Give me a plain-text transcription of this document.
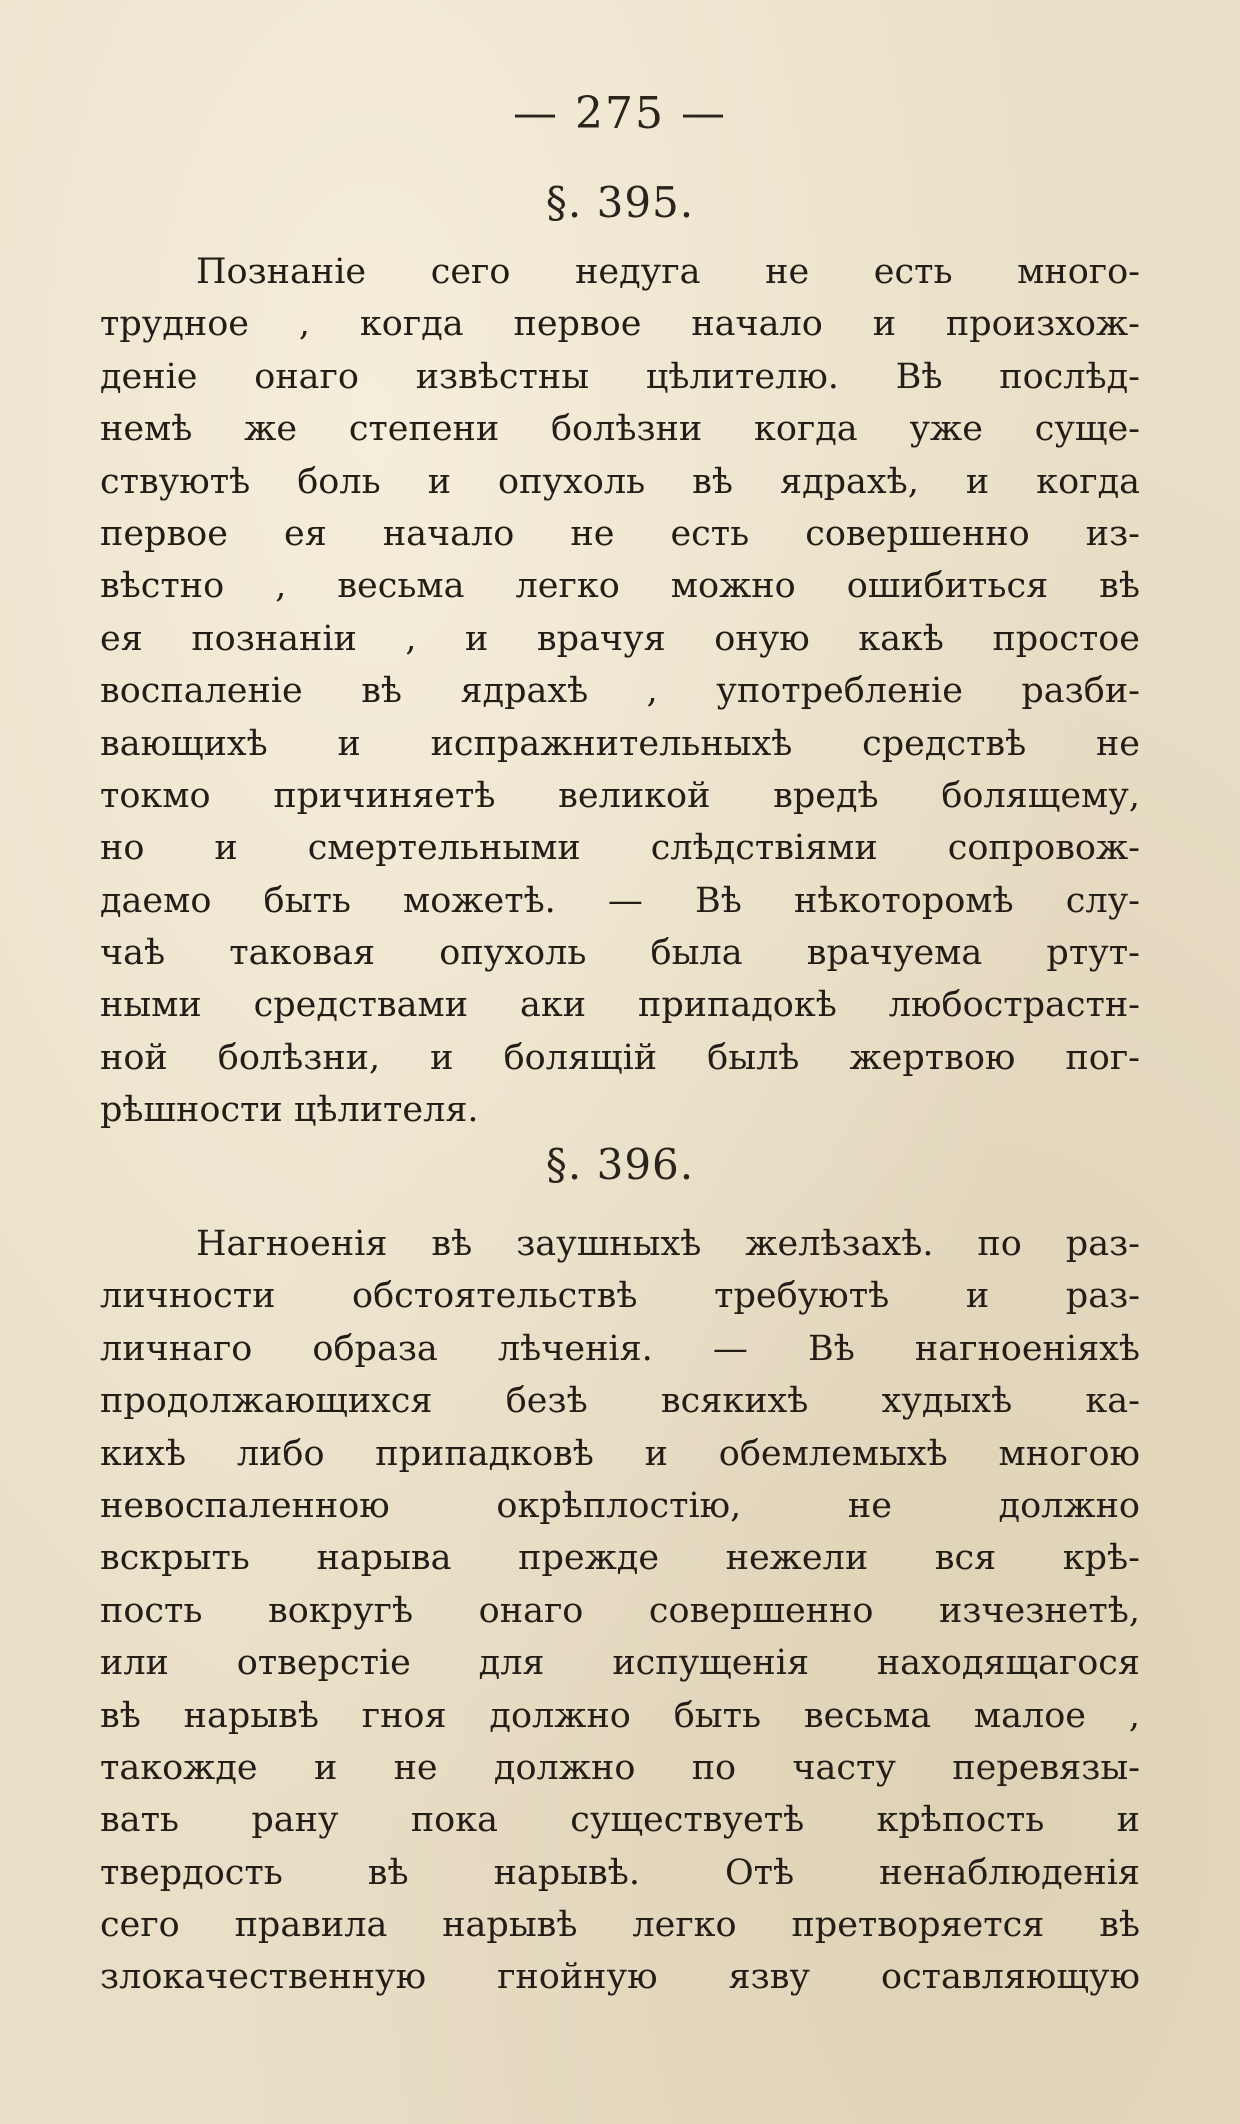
— 275 —
§. 395.
Познаніе сего недуга не есть много-
трудное , когда первое начало и произхож-
деніе онаго извѣстны цѣлителю. Вѣ послѣд-
немѣ же степени болѣзни когда уже суще-
ствуютѣ боль и опухоль вѣ ядрахѣ, и когда
первое ея начало не есть совершенно из-
вѣстно , весьма легко можно ошибиться вѣ
ея познаніи , и врачуя оную какѣ простое
воспаленіе вѣ ядрахѣ , употребленіе разби-
вающихѣ и испражнительныхѣ средствѣ не
токмо причиняетѣ великой вредѣ болящему,
но и смертельными слѣдствіями сопровож-
даемо быть можетѣ. — Вѣ нѣкоторомѣ слу-
чаѣ таковая опухоль была врачуема ртут-
ными средствами аки припадокѣ любострастн-
ной болѣзни, и болящій былѣ жертвою пог-
рѣшности цѣлителя.
§. 396.
Нагноенія вѣ заушныхѣ желѣзахѣ. по раз-
личности обстоятельствѣ требуютѣ и раз-
личнаго образа лѣченія. — Вѣ нагноеніяхѣ
продолжающихся безѣ всякихѣ худыхѣ ка-
кихѣ либо припадковѣ и обемлемыхѣ многою
невоспаленною окрѣплостію, не должно
вскрыть нарыва прежде нежели вся крѣ-
пость вокругѣ онаго совершенно изчезнетѣ,
или отверстіе для испущенія находящагося
вѣ нарывѣ гноя должно быть весьма малое ,
такожде и не должно по часту перевязы-
вать рану пока существуетѣ крѣпость и
твердость вѣ нарывѣ. Отѣ ненаблюденія
сего правила нарывѣ легко претворяется вѣ
злокачественную гнойную язву оставляющую
